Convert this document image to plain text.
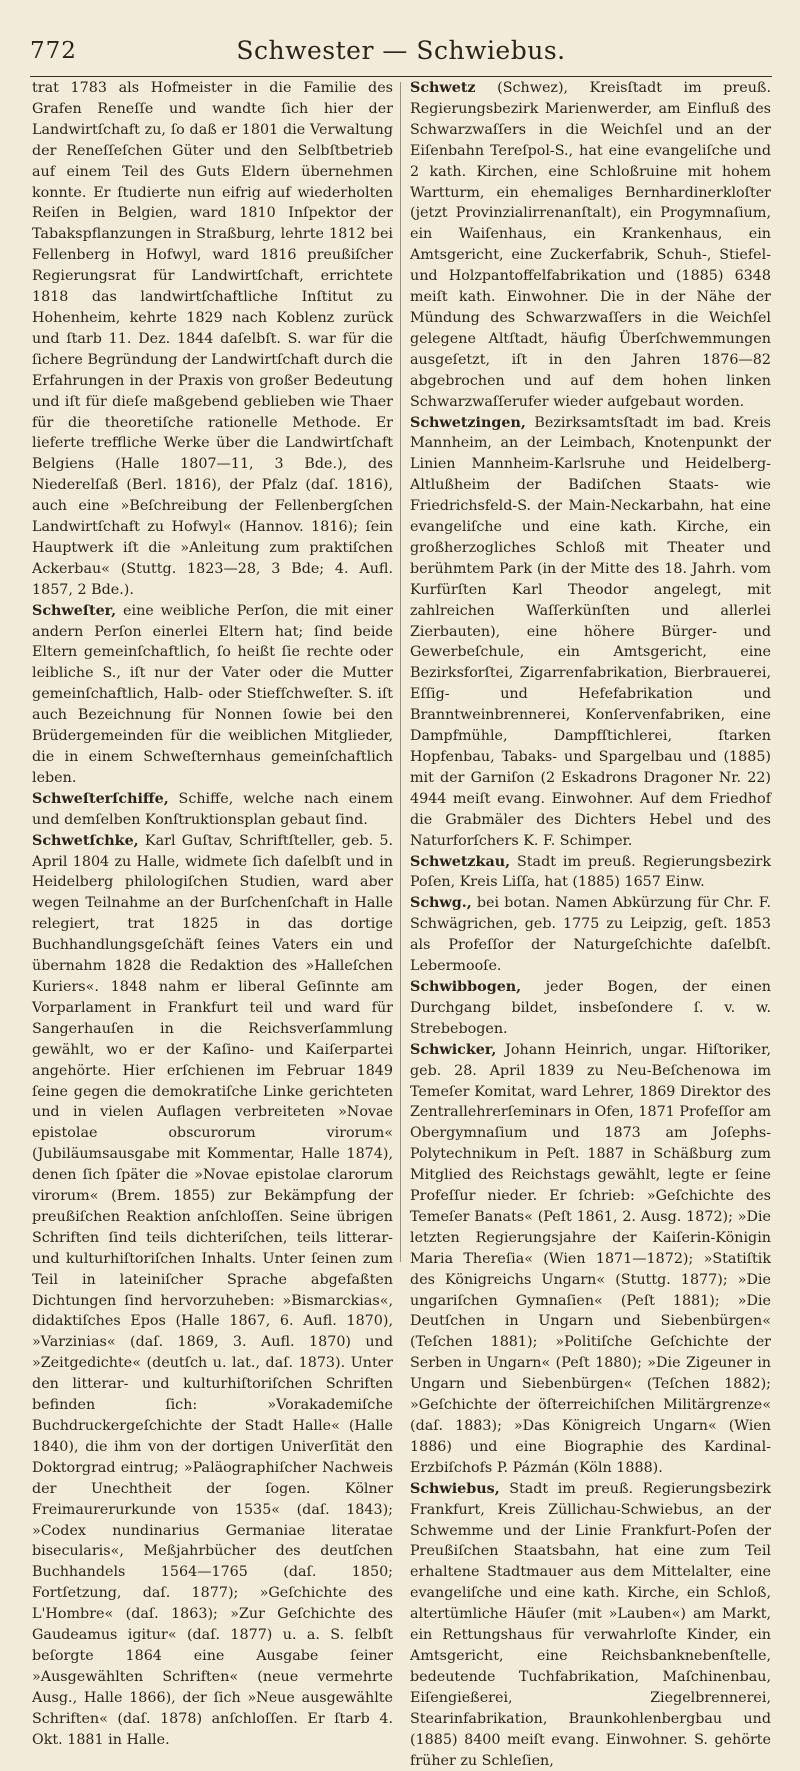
Schwester — Schwiebus.
772

trat 1783 als Hofmeister in die Familie des Grafen Reneſſe und wandte ſich hier der Landwirtſchaft zu, ſo daß er 1801 die Verwaltung der Reneſſeſchen Güter und den Selbſtbetrieb auf einem Teil des Guts Eldern übernehmen konnte. Er ſtudierte nun eifrig auf wiederholten Reiſen in Belgien, ward 1810 Inſpektor der Tabakspflanzungen in Straßburg, lehrte 1812 bei Fellenberg in Hofwyl, ward 1816 preußiſcher Regierungsrat für Landwirtſchaft, errichtete 1818 das landwirtſchaftliche Inſtitut zu Hohenheim, kehrte 1829 nach Koblenz zurück und ſtarb 11. Dez. 1844 daſelbſt. S. war für die ſichere Begründung der Landwirtſchaft durch die Erfahrungen in der Praxis von großer Bedeutung und iſt für dieſe maßgebend geblieben wie Thaer für die theoretiſche rationelle Methode. Er lieferte treffliche Werke über die Landwirtſchaft Belgiens (Halle 1807—11, 3 Bde.), des Niederelſaß (Berl. 1816), der Pfalz (daſ. 1816), auch eine »Beſchreibung der Fellenbergſchen Landwirtſchaft zu Hofwyl« (Hannov. 1816); ſein Hauptwerk iſt die »Anleitung zum praktiſchen Ackerbau« (Stuttg. 1823—28, 3 Bde; 4. Aufl. 1857, 2 Bde.).

Schweſter, eine weibliche Perſon, die mit einer andern Perſon einerlei Eltern hat; ſind beide Eltern gemeinſchaftlich, ſo heißt ſie rechte oder leibliche S., iſt nur der Vater oder die Mutter gemeinſchaftlich, Halb- oder Stiefſchweſter. S. iſt auch Bezeichnung für Nonnen ſowie bei den Brüdergemeinden für die weiblichen Mitglieder, die in einem Schweſternhaus gemeinſchaftlich leben.

Schweſterſchiffe, Schiffe, welche nach einem und demſelben Konſtruktionsplan gebaut ſind.

Schwetſchke, Karl Guſtav, Schriftſteller, geb. 5. April 1804 zu Halle, widmete ſich daſelbſt und in Heidelberg philologiſchen Studien, ward aber wegen Teilnahme an der Burſchenſchaft in Halle relegiert, trat 1825 in das dortige Buchhandlungsgeſchäft ſeines Vaters ein und übernahm 1828 die Redaktion des »Halleſchen Kuriers«. 1848 nahm er liberal Geſinnte am Vorparlament in Frankfurt teil und ward für Sangerhauſen in die Reichsverſammlung gewählt, wo er der Kaſino- und Kaiſerpartei angehörte. Hier erſchienen im Februar 1849 ſeine gegen die demokratiſche Linke gerichteten und in vielen Auflagen verbreiteten »Novae epistolae obscurorum virorum« (Jubiläumsausgabe mit Kommentar, Halle 1874), denen ſich ſpäter die »Novae epistolae clarorum virorum« (Brem. 1855) zur Bekämpfung der preußiſchen Reaktion anſchloſſen. Seine übrigen Schriften ſind teils dichteriſchen, teils litterar- und kulturhiſtoriſchen Inhalts. Unter ſeinen zum Teil in lateiniſcher Sprache abgefaßten Dichtungen ſind hervorzuheben: »Bismarckias«, didaktiſches Epos (Halle 1867, 6. Aufl. 1870), »Varzinias« (daſ. 1869, 3. Aufl. 1870) und »Zeitgedichte« (deutſch u. lat., daſ. 1873). Unter den litterar- und kulturhiſtoriſchen Schriften befinden ſich: »Vorakademiſche Buchdruckergeſchichte der Stadt Halle« (Halle 1840), die ihm von der dortigen Univerſität den Doktorgrad eintrug; »Paläographiſcher Nachweis der Unechtheit der ſogen. Kölner Freimaurerurkunde von 1535« (daſ. 1843); »Codex nundinarius Germaniae literatae bisecularis«, Meßjahrbücher des deutſchen Buchhandels 1564—1765 (daſ. 1850; Fortſetzung, daſ. 1877); »Geſchichte des L'Hombre« (daſ. 1863); »Zur Geſchichte des Gaudeamus igitur« (daſ. 1877) u. a. S. ſelbſt beſorgte 1864 eine Ausgabe ſeiner »Ausgewählten Schriften« (neue vermehrte Ausg., Halle 1866), der ſich »Neue ausgewählte Schriften« (daſ. 1878) anſchloſſen. Er ſtarb 4. Okt. 1881 in Halle.

Schwetz (Schwez), Kreisſtadt im preuß. Regierungsbezirk Marienwerder, am Einfluß des Schwarzwaſſers in die Weichſel und an der Eiſenbahn Tereſpol-S., hat eine evangeliſche und 2 kath. Kirchen, eine Schloßruine mit hohem Wartturm, ein ehemaliges Bernhardinerkloſter (jetzt Provinzialirrenanſtalt), ein Progymnaſium, ein Waiſenhaus, ein Krankenhaus, ein Amtsgericht, eine Zuckerfabrik, Schuh-, Stiefel- und Holzpantoffelfabrikation und (1885) 6348 meiſt kath. Einwohner. Die in der Nähe der Mündung des Schwarzwaſſers in die Weichſel gelegene Altſtadt, häufig Überſchwemmungen ausgeſetzt, iſt in den Jahren 1876—82 abgebrochen und auf dem hohen linken Schwarzwaſſerufer wieder aufgebaut worden.

Schwetzingen, Bezirksamtsſtadt im bad. Kreis Mannheim, an der Leimbach, Knotenpunkt der Linien Mannheim-Karlsruhe und Heidelberg-Altlußheim der Badiſchen Staats- wie Friedrichsfeld-S. der Main-Neckarbahn, hat eine evangeliſche und eine kath. Kirche, ein großherzogliches Schloß mit Theater und berühmtem Park (in der Mitte des 18. Jahrh. vom Kurfürſten Karl Theodor angelegt, mit zahlreichen Waſſerkünſten und allerlei Zierbauten), eine höhere Bürger- und Gewerbeſchule, ein Amtsgericht, eine Bezirksforſtei, Zigarrenfabrikation, Bierbrauerei, Eſſig- und Hefefabrikation und Branntweinbrennerei, Konſervenfabriken, eine Dampfmühle, Dampfſtichlerei, ſtarken Hopfenbau, Tabaks- und Spargelbau und (1885) mit der Garniſon (2 Eskadrons Dragoner Nr. 22) 4944 meiſt evang. Einwohner. Auf dem Friedhof die Grabmäler des Dichters Hebel und des Naturforſchers K. F. Schimper.

Schwetzkau, Stadt im preuß. Regierungsbezirk Poſen, Kreis Liſſa, hat (1885) 1657 Einw.

Schwg., bei botan. Namen Abkürzung für Chr. F. Schwägrichen, geb. 1775 zu Leipzig, geſt. 1853 als Profeſſor der Naturgeſchichte daſelbſt. Lebermooſe.

Schwibbogen, jeder Bogen, der einen Durchgang bildet, insbeſondere ſ. v. w. Strebebogen.

Schwicker, Johann Heinrich, ungar. Hiſtoriker, geb. 28. April 1839 zu Neu-Beſchenowa im Temeſer Komitat, ward Lehrer, 1869 Direktor des Zentrallehrerſeminars in Ofen, 1871 Profeſſor am Obergymnaſium und 1873 am Joſephs-Polytechnikum in Peſt. 1887 in Schäßburg zum Mitglied des Reichstags gewählt, legte er ſeine Profeſſur nieder. Er ſchrieb: »Geſchichte des Temeſer Banats« (Peſt 1861, 2. Ausg. 1872); »Die letzten Regierungsjahre der Kaiſerin-Königin Maria Thereſia« (Wien 1871—1872); »Statiſtik des Königreichs Ungarn« (Stuttg. 1877); »Die ungariſchen Gymnaſien« (Peſt 1881); »Die Deutſchen in Ungarn und Siebenbürgen« (Teſchen 1881); »Politiſche Geſchichte der Serben in Ungarn« (Peſt 1880); »Die Zigeuner in Ungarn und Siebenbürgen« (Teſchen 1882); »Geſchichte der öſterreichiſchen Militärgrenze« (daſ. 1883); »Das Königreich Ungarn« (Wien 1886) und eine Biographie des Kardinal-Erzbiſchofs P. Pázmán (Köln 1888).

Schwiebus, Stadt im preuß. Regierungsbezirk Frankfurt, Kreis Züllichau-Schwiebus, an der Schwemme und der Linie Frankfurt-Poſen der Preußiſchen Staatsbahn, hat eine zum Teil erhaltene Stadtmauer aus dem Mittelalter, eine evangeliſche und eine kath. Kirche, ein Schloß, altertümliche Häuſer (mit »Lauben«) am Markt, ein Rettungshaus für verwahrloſte Kinder, ein Amtsgericht, eine Reichsbanknebenſtelle, bedeutende Tuchfabrikation, Maſchinenbau, Eiſengießerei, Ziegelbrennerei, Stearinfabrikation, Braunkohlenbergbau und (1885) 8400 meiſt evang. Einwohner. S. gehörte früher zu Schleſien,
